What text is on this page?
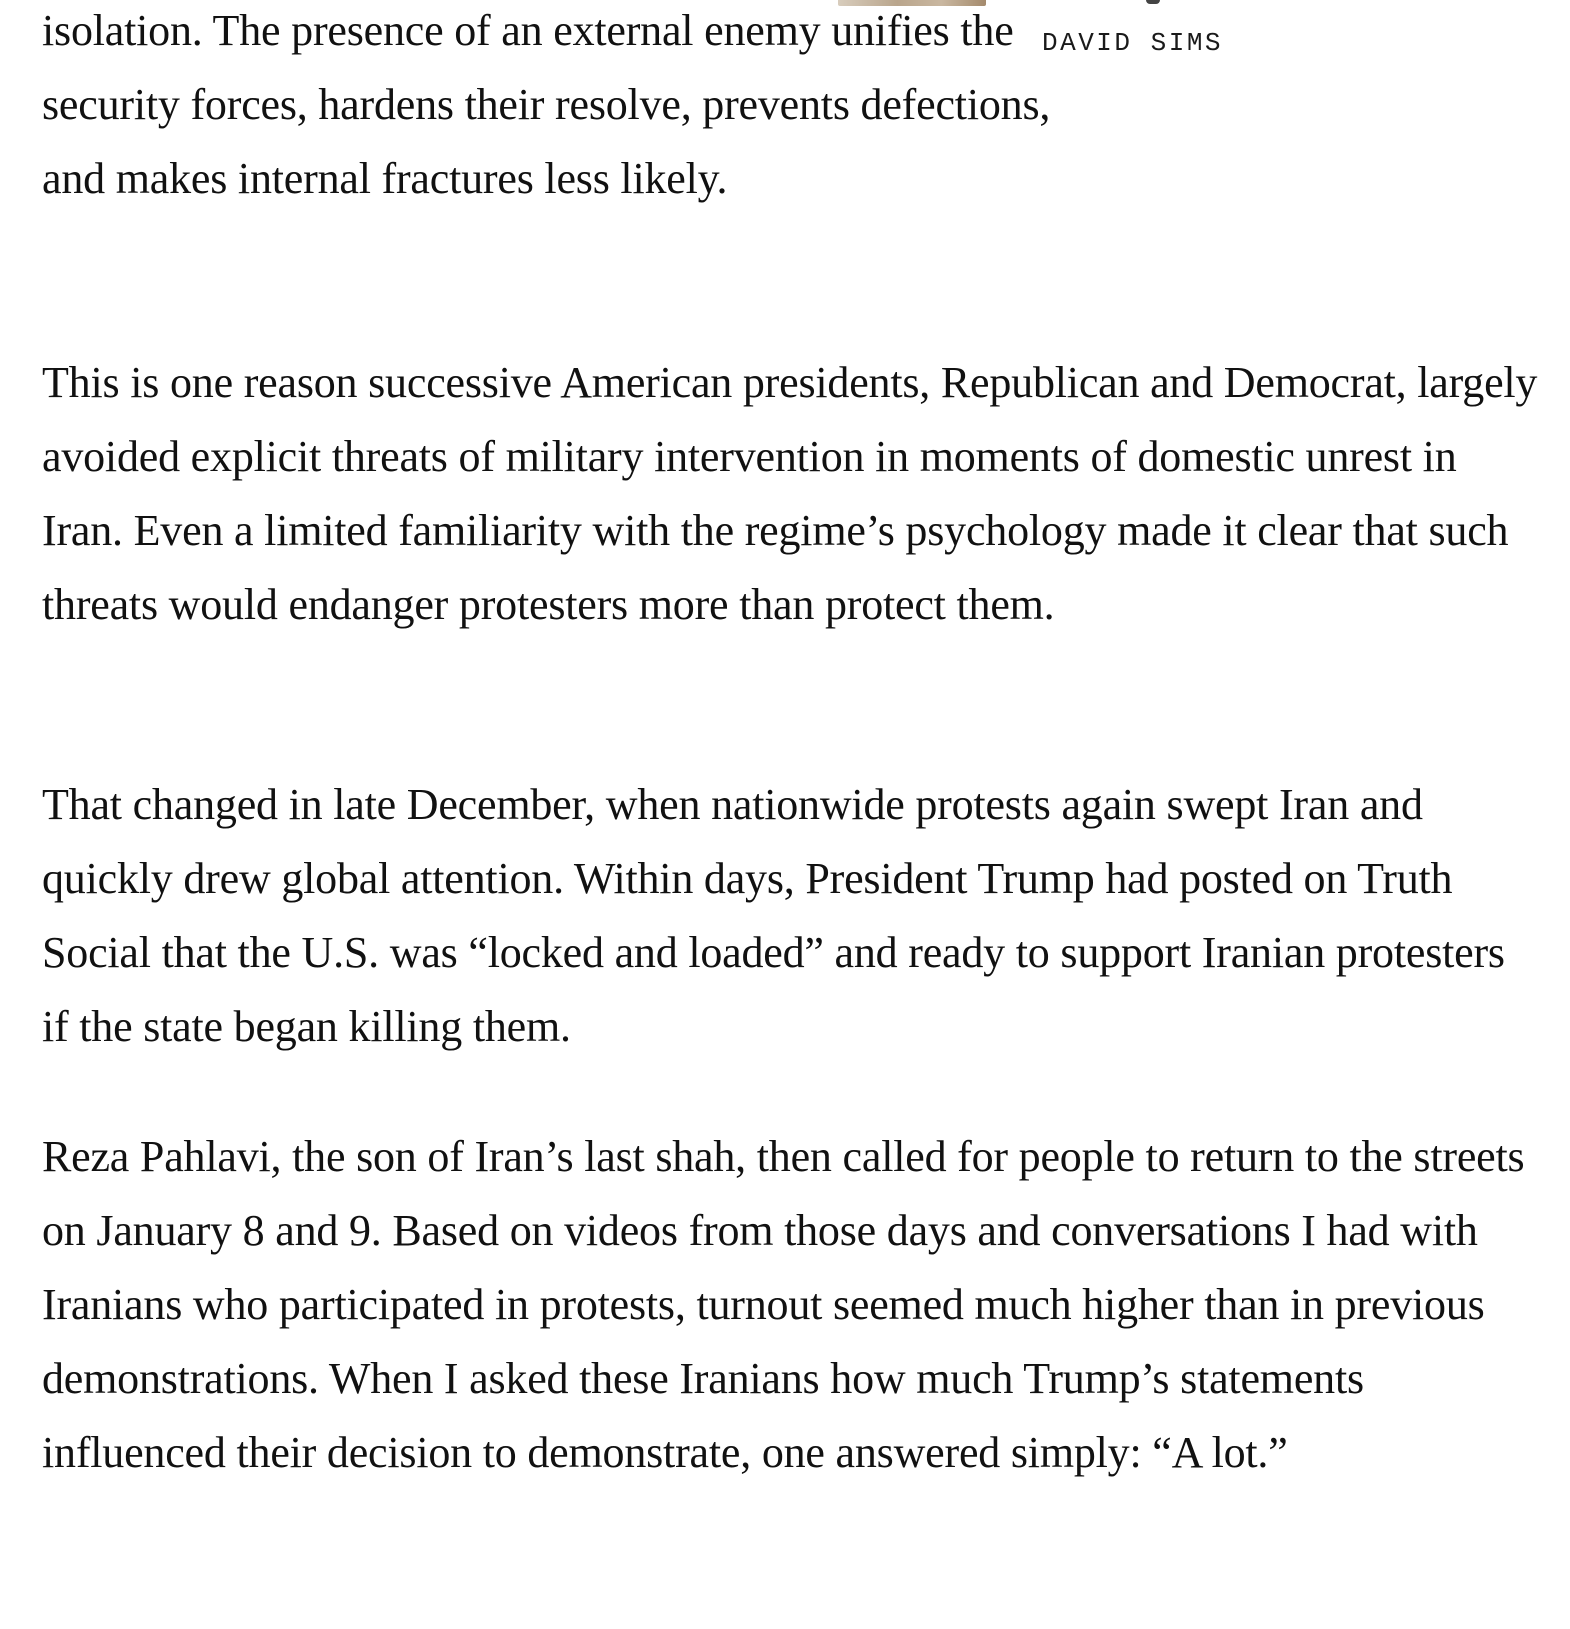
isolation. The presence of an external enemy unifies the security forces, hardens their resolve, prevents defections, and makes internal fractures less likely.

This is one reason successive American presidents, Republican and Democrat, largely avoided explicit threats of military intervention in moments of domestic unrest in Iran. Even a limited familiarity with the regime’s psychology made it clear that such threats would endanger protesters more than protect them.

That changed in late December, when nationwide protests again swept Iran and quickly drew global attention. Within days, President Trump had posted on Truth Social that the U.S. was “locked and loaded” and ready to support Iranian protesters if the state began killing them.

Reza Pahlavi, the son of Iran’s last shah, then called for people to return to the streets on January 8 and 9. Based on videos from those days and conversations I had with Iranians who participated in protests, turnout seemed much higher than in previous demonstrations. When I asked these Iranians how much Trump’s statements influenced their decision to demonstrate, one answered simply: “A lot.”

DAVID SIMS
